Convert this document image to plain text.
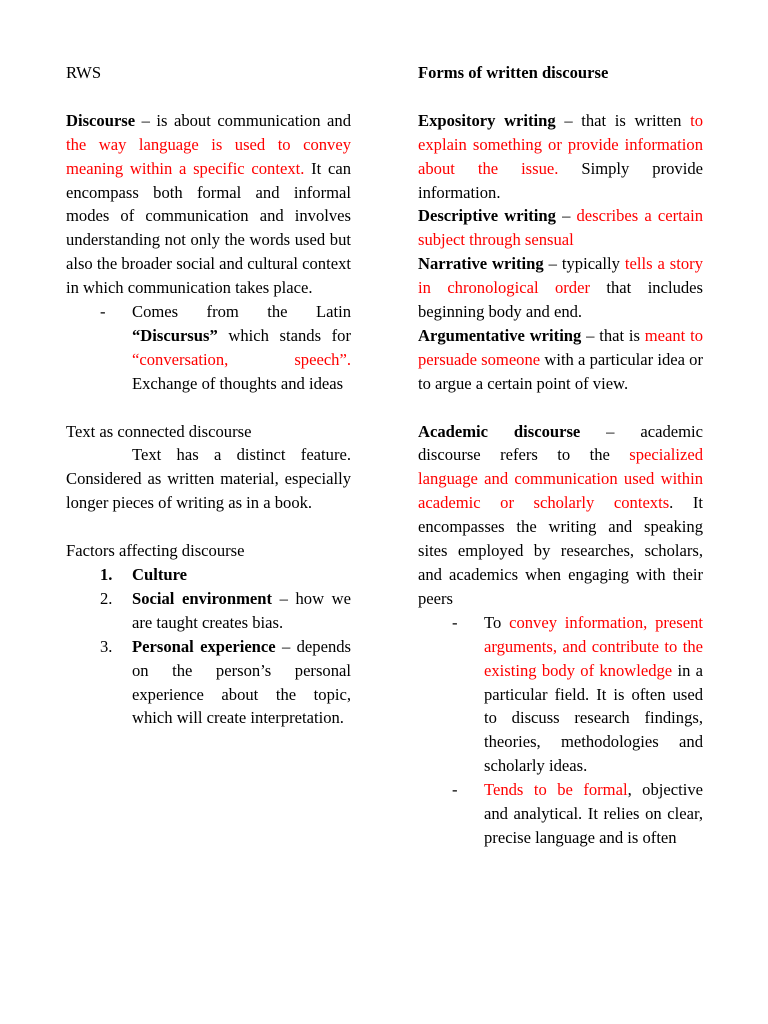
RWS

Discourse – is about communication and the way language is used to convey meaning within a specific context. It can encompass both formal and informal modes of communication and involves understanding not only the words used but also the broader social and cultural context in which communication takes place.

- Comes from the Latin “Discursus” which stands for “conversation, speech”. Exchange of thoughts and ideas

Text as connected discourse

Text has a distinct feature. Considered as written material, especially longer pieces of writing as in a book.

Factors affecting discourse

1. Culture

2. Social environment – how we are taught creates bias.

3. Personal experience – depends on the person’s personal experience about the topic, which will create interpretation.

Forms of written discourse

Expository writing – that is written to explain something or provide information about the issue. Simply provide information.

Descriptive writing – describes a certain subject through sensual

Narrative writing – typically tells a story in chronological order that includes beginning body and end.

Argumentative writing – that is meant to persuade someone with a particular idea or to argue a certain point of view.

Academic discourse – academic discourse refers to the specialized language and communication used within academic or scholarly contexts. It encompasses the writing and speaking sites employed by researches, scholars, and academics when engaging with their peers

- To convey information, present arguments, and contribute to the existing body of knowledge in a particular field. It is often used to discuss research findings, theories, methodologies and scholarly ideas.

- Tends to be formal, objective and analytical. It relies on clear, precise language and is often
